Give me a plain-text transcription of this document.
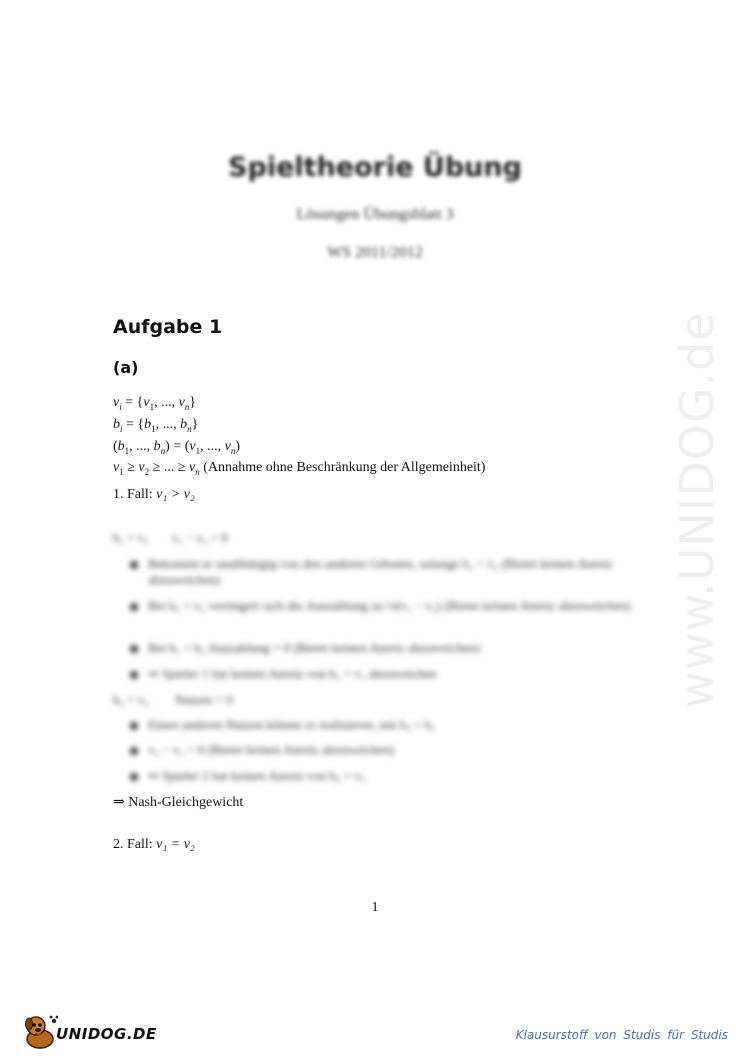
Spieltheorie Übung
Lösungen Übungsblatt 3
WS 2011/2012
Aufgabe 1
(a)
$v_i = \{v_1$, ..., $v_n$}
$b_i = \{b_1$, ..., $b_n$}
($b_1$, ..., $b_n) = (v_1$, ..., $v_n$)
$v_1 \ge v_2$ ≥ ... ≥ $v_n$ (Annahme ohne Beschränkung der Allgemeinheit)
1. Fall: v₁ > v₂
b₁ = v₁       v₁ − v₂ > 0
Bekommt er unabhängig von den anderen Geboten, solange b₁ > v₂ (Bietet keinen Anreiz abzuweichen)
Bei b₁ = v₂ verringert sich die Auszahlung zu ½(v₁ − v₂) (Bietet keinen Anreiz abzuweichen)
Bei b₁ < b₂ Auszahlung = 0 (Bietet keinen Anreiz abzuweichen)
⇒ Spieler 1 hat keinen Anreiz von b₁ = v₁ abzuweichen
b₂ = v₂        Nutzen = 0
Einen anderen Nutzen könnte er realisieren, mit b₂ > b₁
v₂ − v₁ < 0 (Bietet keinen Anreiz abzuweichen)
⇒ Spieler 2 hat keinen Anreiz von b₂ = v₂
⇒ Nash-Gleichgewicht
2. Fall: v₁ = v₂
1
www.UNIDOG.de
UNIDOG.DE	Klausurstoff von Studis für Studis
